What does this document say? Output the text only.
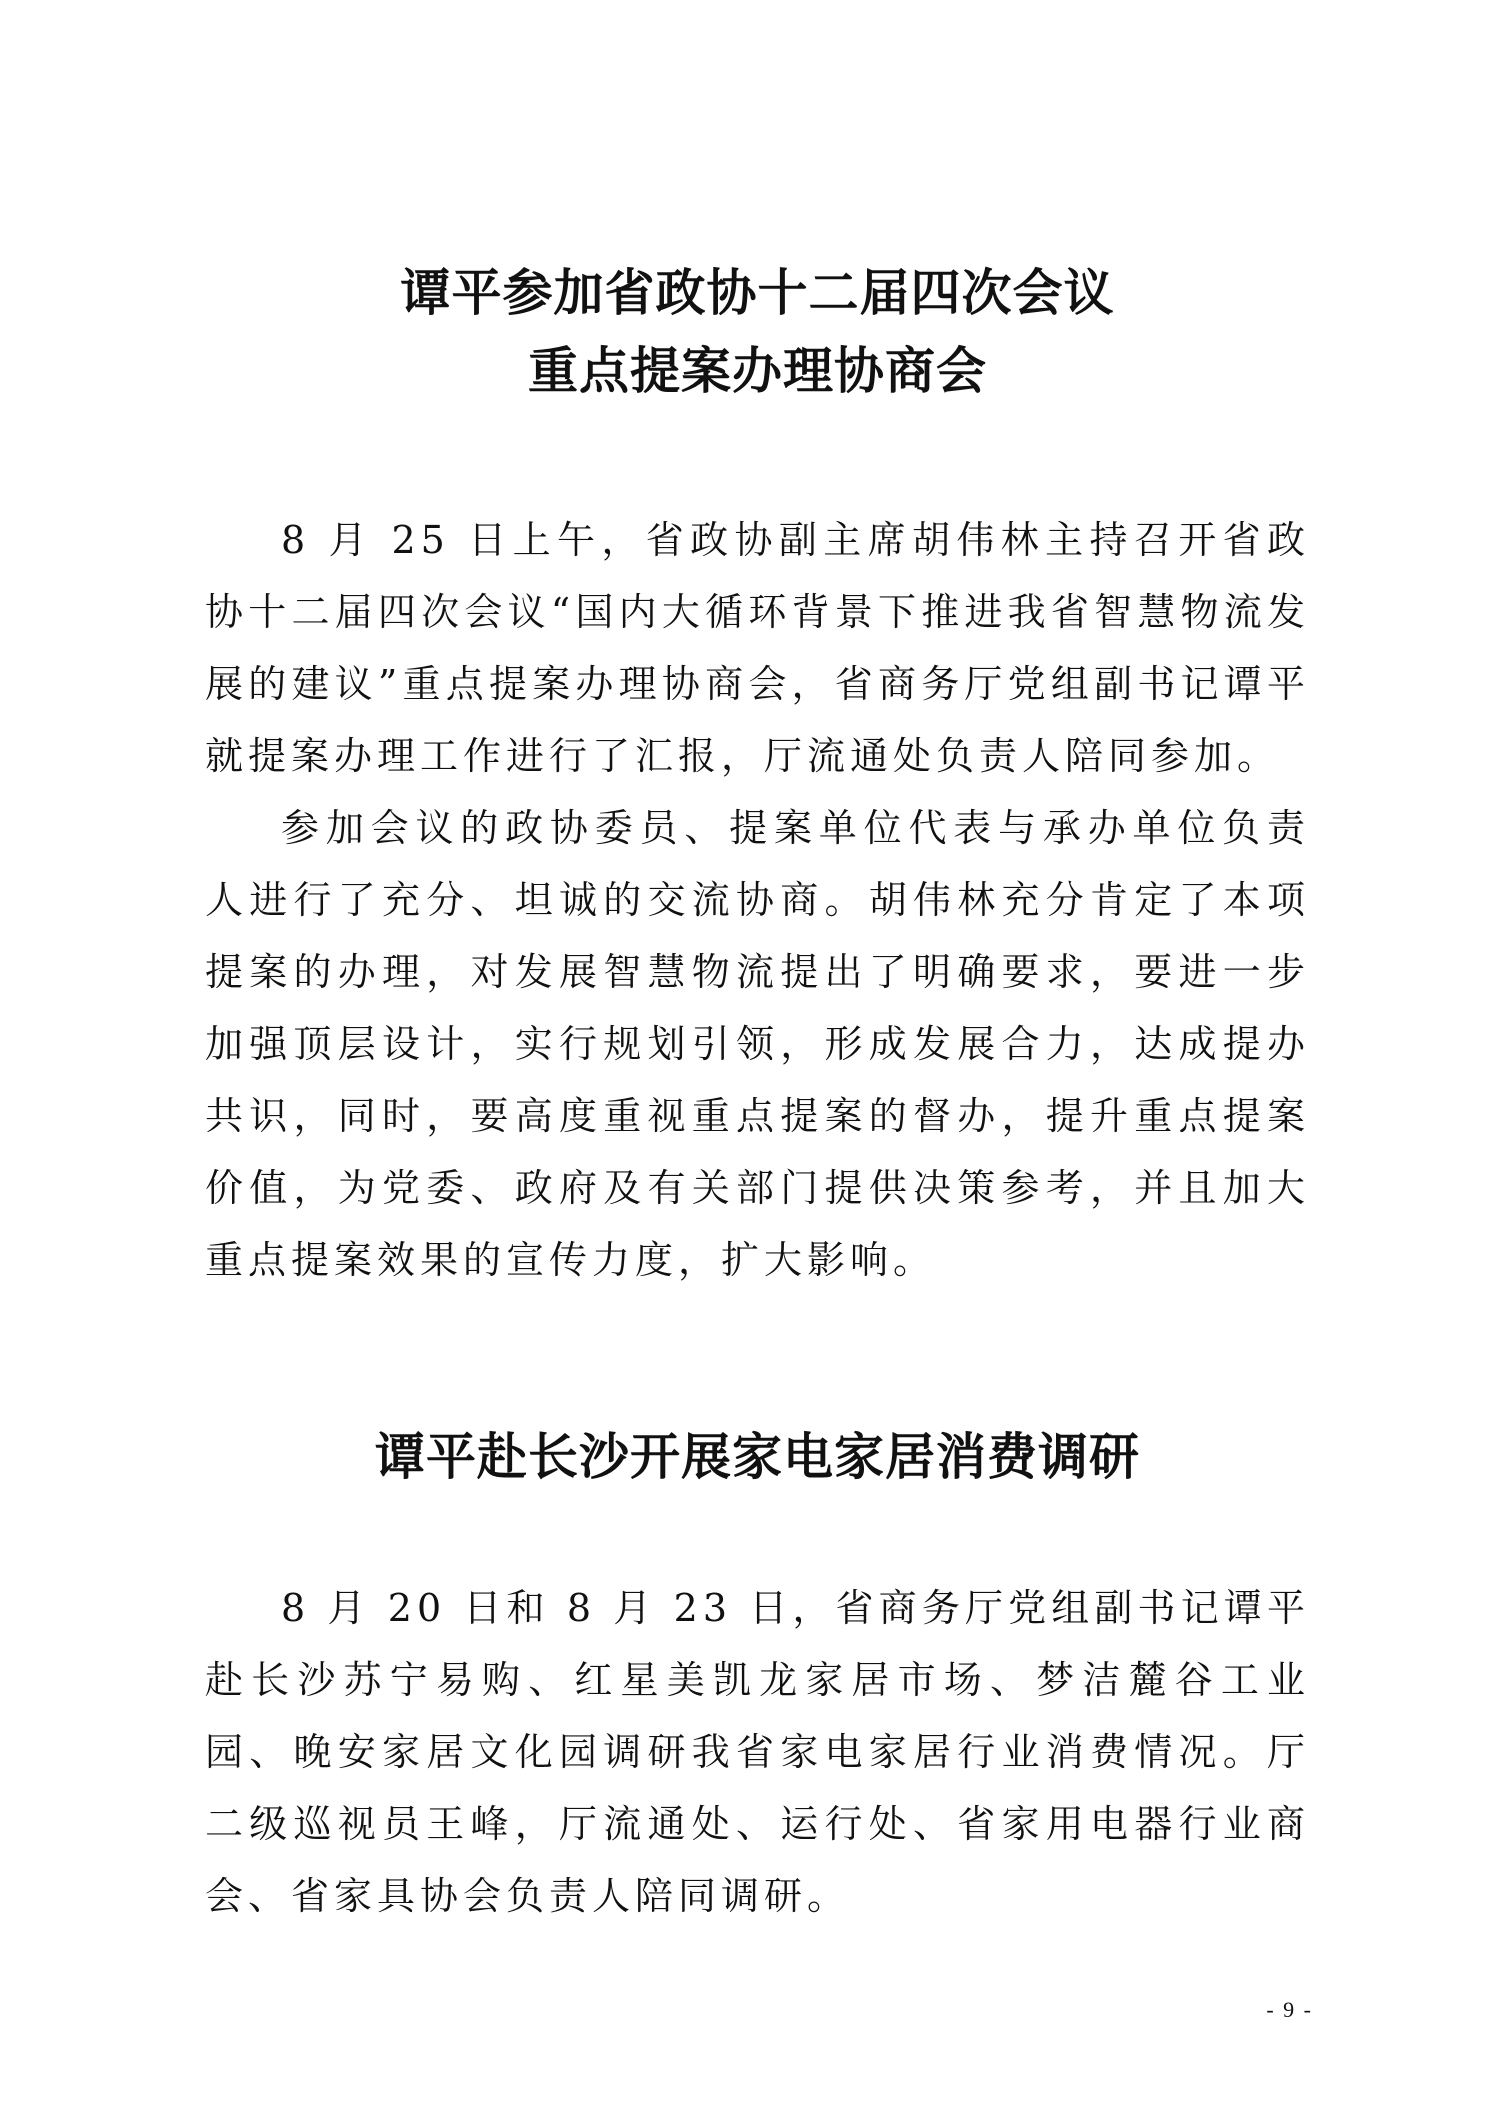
谭平参加省政协十二届四次会议
重点提案办理协商会

8 月 25 日上午，省政协副主席胡伟林主持召开省政协十二届四次会议“国内大循环背景下推进我省智慧物流发展的建议”重点提案办理协商会，省商务厅党组副书记谭平就提案办理工作进行了汇报，厅流通处负责人陪同参加。

参加会议的政协委员、提案单位代表与承办单位负责人进行了充分、坦诚的交流协商。胡伟林充分肯定了本项提案的办理，对发展智慧物流提出了明确要求，要进一步加强顶层设计，实行规划引领，形成发展合力，达成提办共识，同时，要高度重视重点提案的督办，提升重点提案价值，为党委、政府及有关部门提供决策参考，并且加大重点提案效果的宣传力度，扩大影响。

谭平赴长沙开展家电家居消费调研

8 月 20 日和 8 月 23 日，省商务厅党组副书记谭平赴长沙苏宁易购、红星美凯龙家居市场、梦洁麓谷工业园、晚安家居文化园调研我省家电家居行业消费情况。厅二级巡视员王峰，厅流通处、运行处、省家用电器行业商会、省家具协会负责人陪同调研。

- 9 -
